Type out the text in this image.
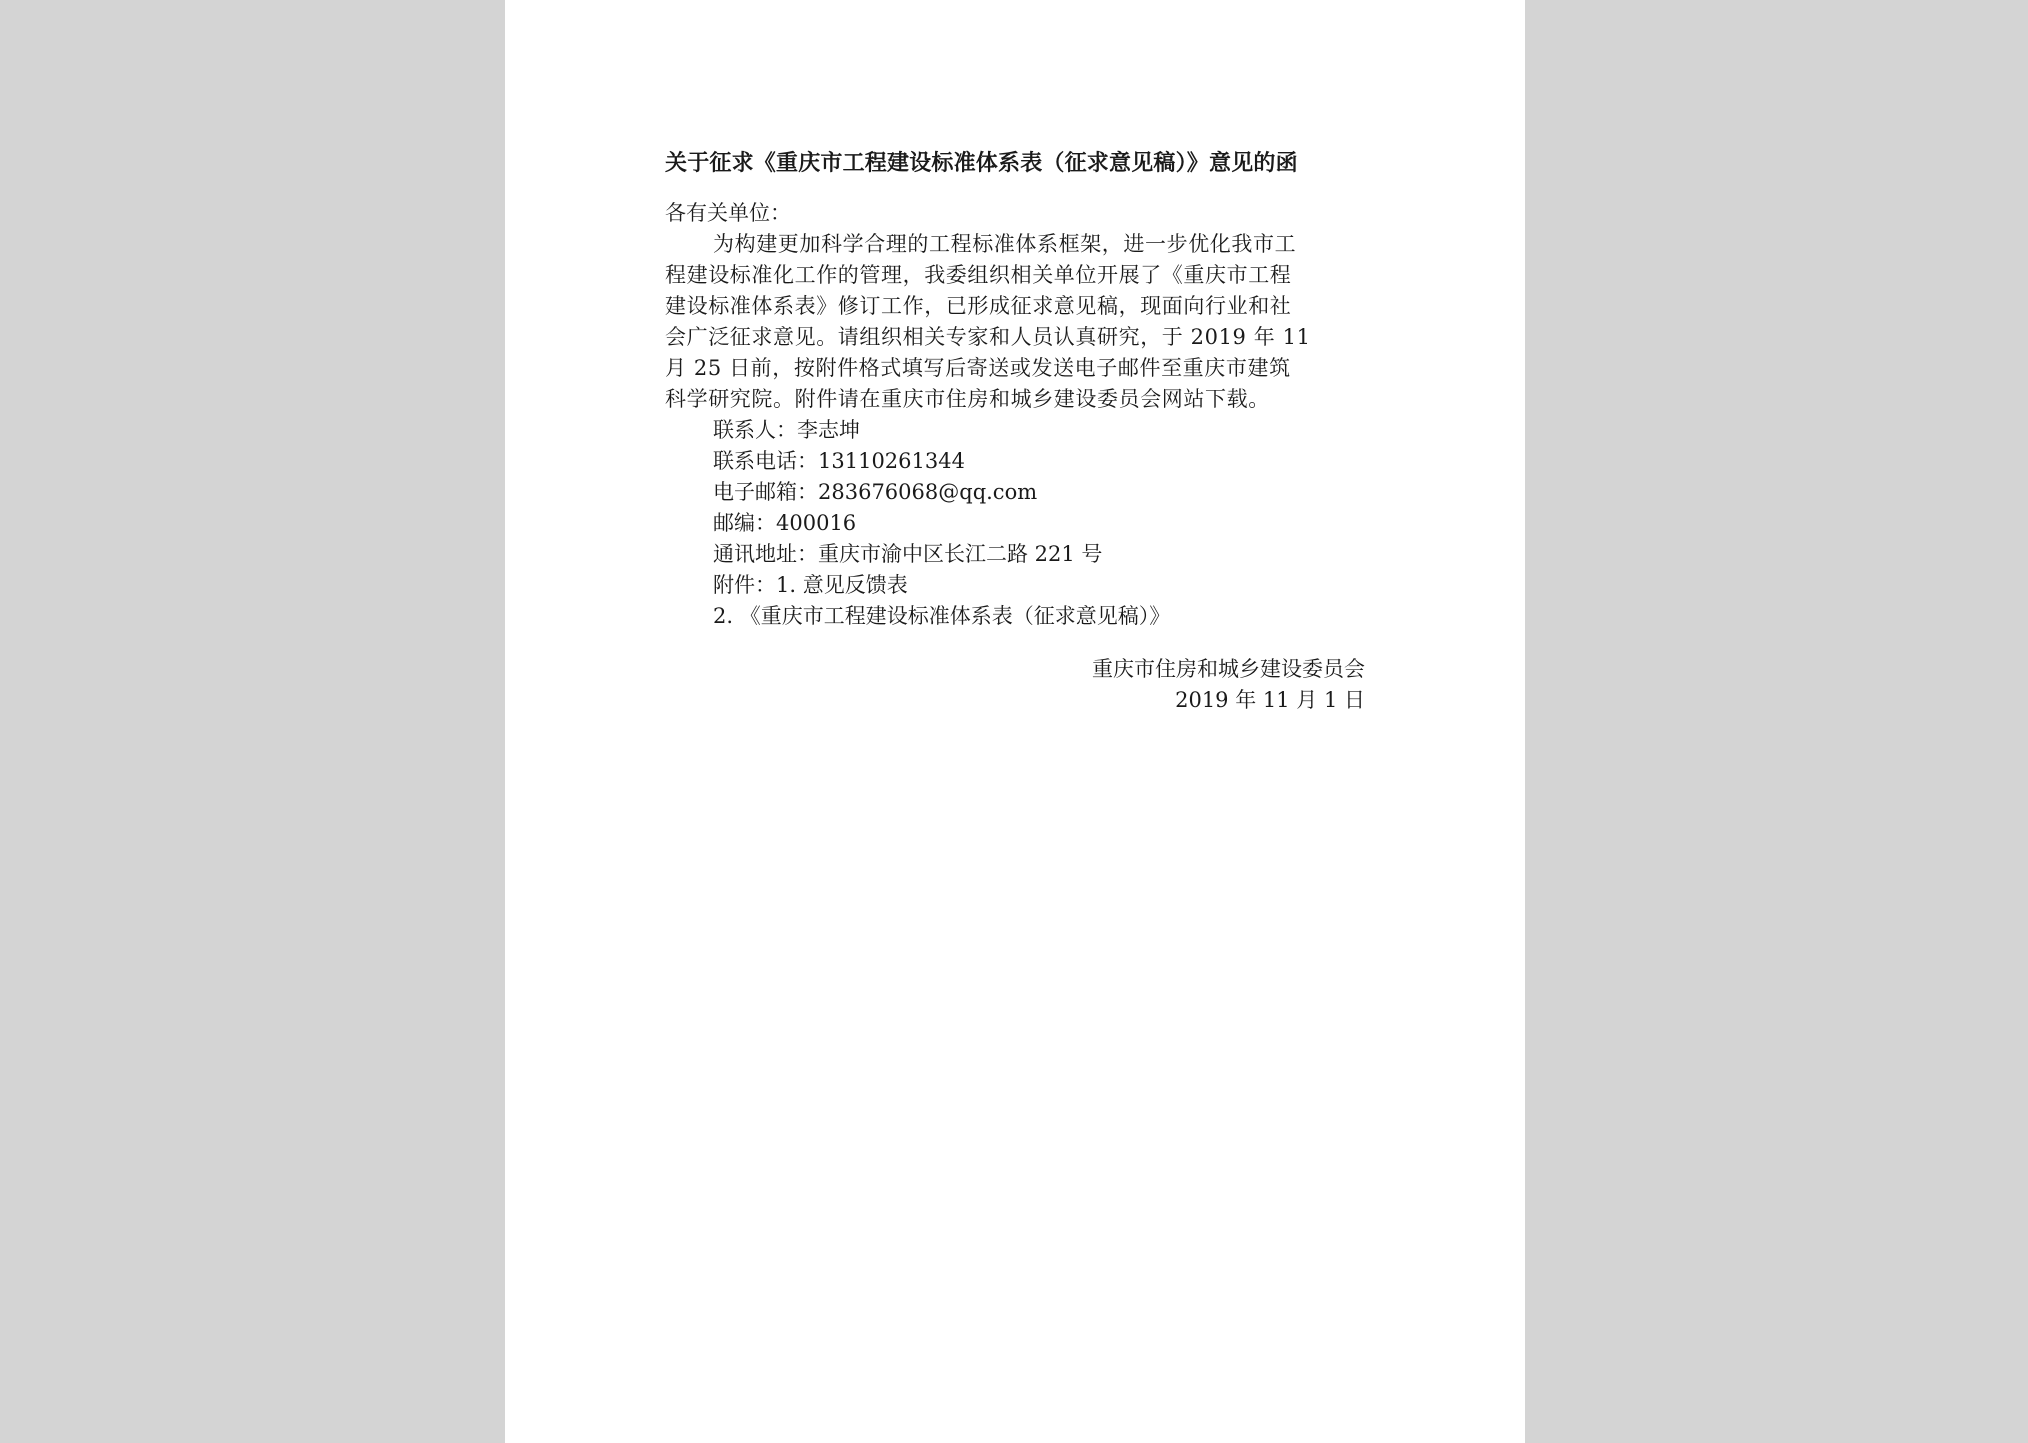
关于征求《重庆市工程建设标准体系表（征求意见稿）》意见的函
各有关单位：
为构建更加科学合理的工程标准体系框架，进一步优化我市工
程建设标准化工作的管理，我委组织相关单位开展了《重庆市工程
建设标准体系表》修订工作，已形成征求意见稿，现面向行业和社
会广泛征求意见。请组织相关专家和人员认真研究，于 2019 年 11
月 25 日前，按附件格式填写后寄送或发送电子邮件至重庆市建筑
科学研究院。附件请在重庆市住房和城乡建设委员会网站下载。
联系人：李志坤
联系电话：13110261344
电子邮箱：283676068@qq.com
邮编：400016
通讯地址：重庆市渝中区长江二路 221 号
附件：1. 意见反馈表
2. 《重庆市工程建设标准体系表（征求意见稿）》
重庆市住房和城乡建设委员会
2019 年 11 月 1 日
